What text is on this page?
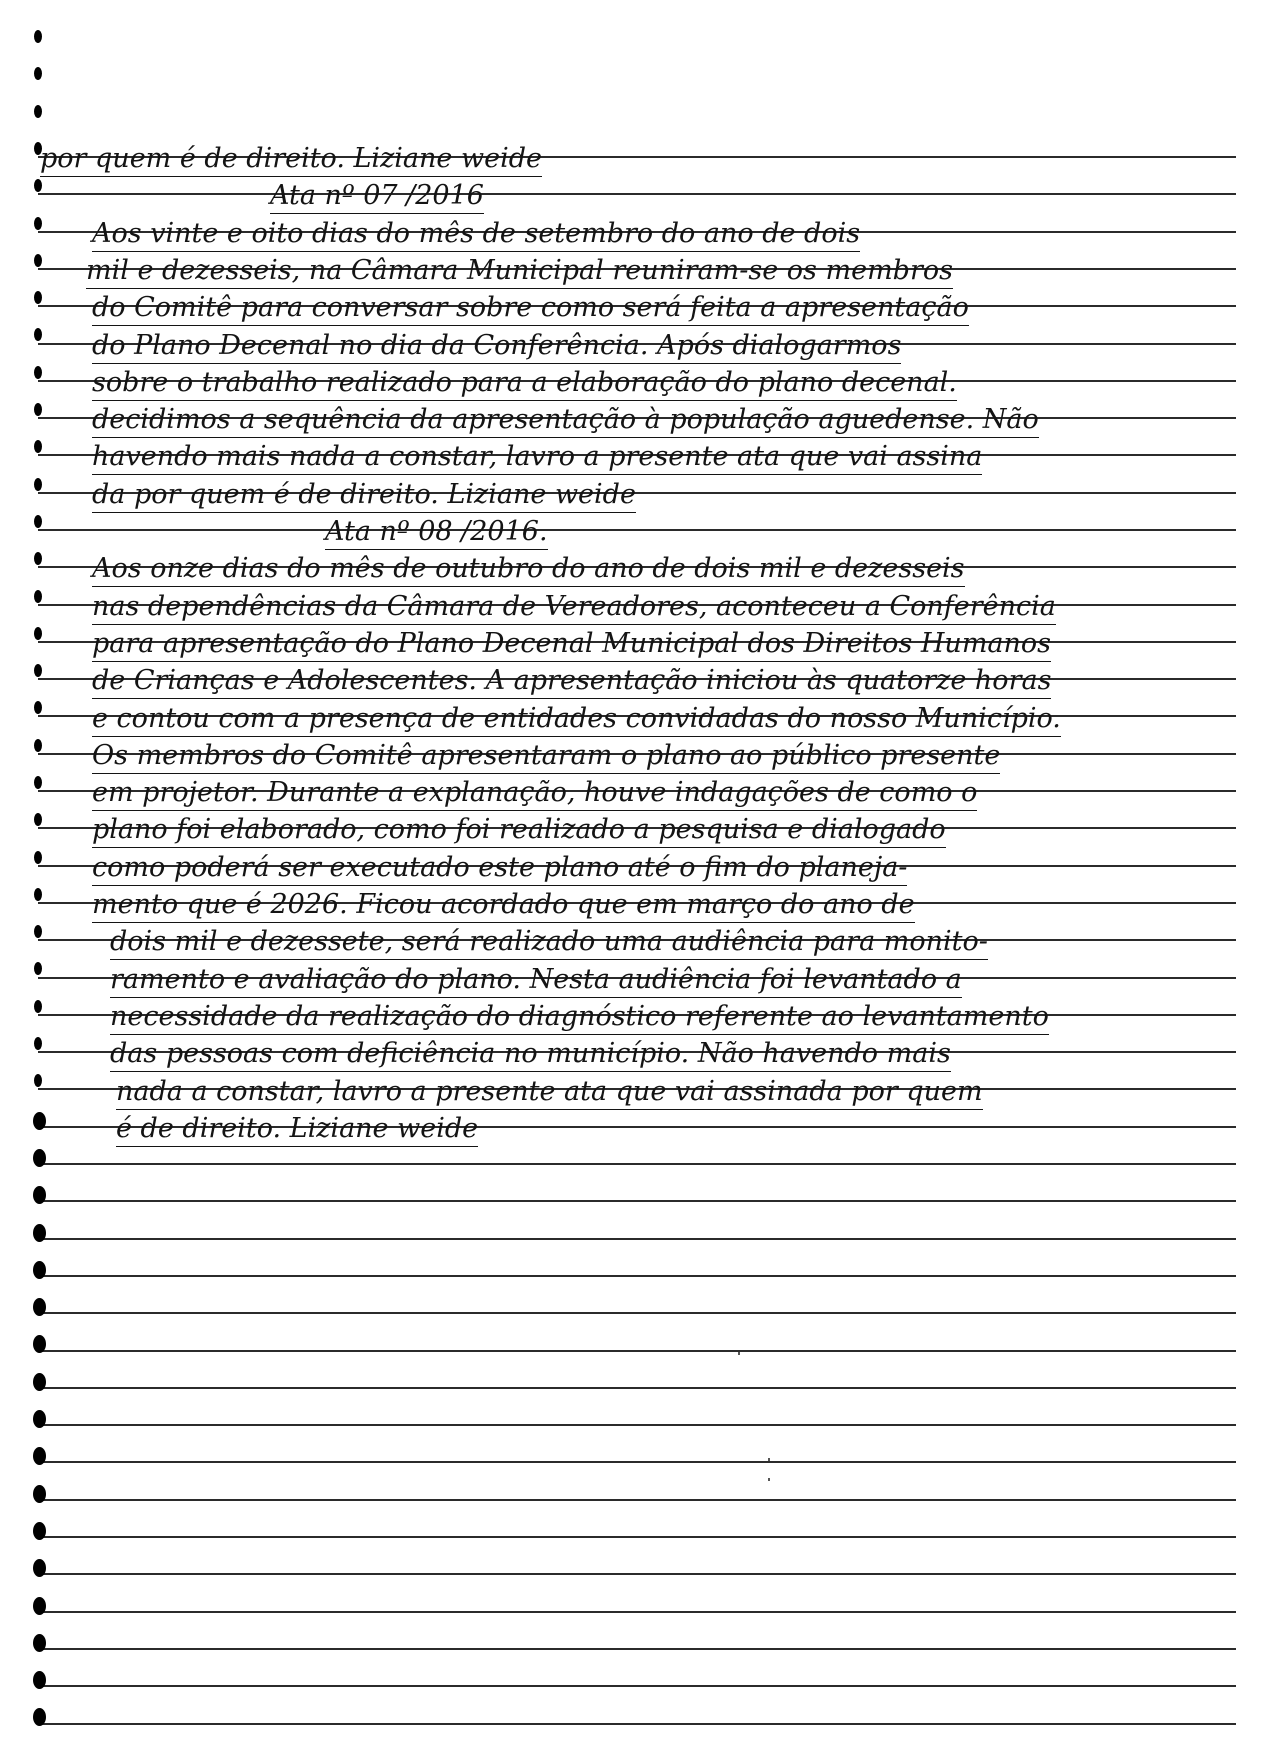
por quem é de direito. Liziane weide
Ata nº 07 /2016
Aos vinte e oito dias do mês de setembro do ano de dois
mil e dezesseis, na Câmara Municipal reuniram-se os membros
do Comitê para conversar sobre como será feita a apresentação
do Plano Decenal no dia da Conferência. Após dialogarmos
sobre o trabalho realizado para a elaboração do plano decenal.
decidimos a sequência da apresentação à população aguedense. Não
havendo mais nada a constar, lavro a presente ata que vai assina
da por quem é de direito. Liziane weide
Ata nº 08 /2016.
Aos onze dias do mês de outubro do ano de dois mil e dezesseis
nas dependências da Câmara de Vereadores, aconteceu a Conferência
para apresentação do Plano Decenal Municipal dos Direitos Humanos
de Crianças e Adolescentes. A apresentação iniciou às quatorze horas
e contou com a presença de entidades convidadas do nosso Município.
Os membros do Comitê apresentaram o plano ao público presente
em projetor. Durante a explanação, houve indagações de como o
plano foi elaborado, como foi realizado a pesquisa e dialogado
como poderá ser executado este plano até o fim do planeja-
mento que é 2026. Ficou acordado que em março do ano de
dois mil e dezessete, será realizado uma audiência para monito-
ramento e avaliação do plano. Nesta audiência foi levantado a
necessidade da realização do diagnóstico referente ao levantamento
das pessoas com deficiência no município. Não havendo mais
nada a constar, lavro a presente ata que vai assinada por quem
é de direito. Liziane weide
